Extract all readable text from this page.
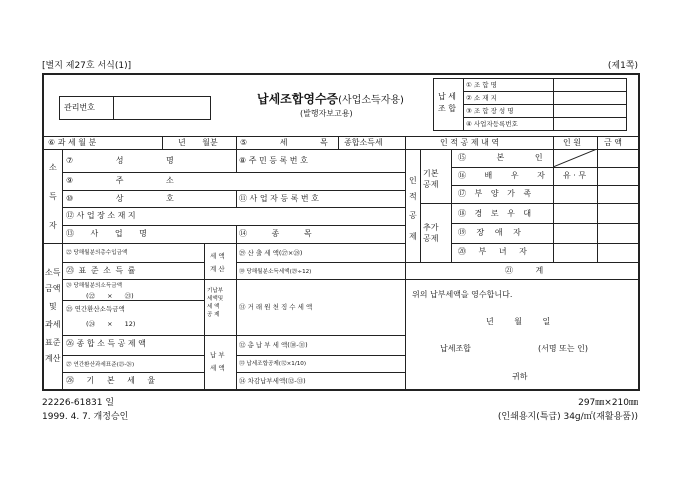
[별지 제27호 서식(1)]	(제1쪽)
관리번호
납세조합영수증(사업소득자용)
(발행자보고용)
납 세
조 합
① 조 합 명
② 소 재 지
③ 조 합 장 성 명
④ 사업자등록번호
⑥ 과 세 월 분	년 월분	⑤ 세 목 종합소득세	인 적 공 제 내 역	인 원	금 액
소
득
자
⑦ 성 명	⑧ 주 민 등 록 번 호
⑨ 주 소
⑩ 상 호	⑪ 사 업 자 등 록 번 호
⑫ 사 업 장 소 재 지
⑬ 사 업 명	⑭ 종 목
인
적
공
제
기본
공제
추가
공제
⑮ 본 인
⑯ 배 우 자 유 · 무
⑰ 부 양 가 족
⑱ 경 로 우 대
⑲ 장 애 자
⑳ 부 녀 자
㉑ 계
소득
금액
및
과세
표준
계산
㉒ 당해월분의총수입금액
㉓ 표 준 소 득 률
㉔ 당해월분의소득금액
(㉒ × ㉓)
㉕ 연간환산소득금액
(㉔ × 12)
㉖ 종 합 소 득 공 제 액
㉗ 연간환산과세표준(㉕-㉖)
㉘ 기 본 세 율
세 액
계 산
기납부
세액및
세 액
공 제
납 부
세 액
㉙ 산 출 세 액(㉗×㉘)
㉚ 당해월분소득세액(㉙÷12)
㉛ 거 래 원 천 징 수 세 액
㉜ 총 납 부 세 액(㉚-㉛)
㉝ 납세조합공제(㉜×1/10)
㉞ 차감납부세액(㉜-㉝)
위의 납부세액을 영수합니다.
년 월 일
납세조합	(서명 또는 인)
귀하
22226-61831 일
1999. 4. 7. 개정승인
297㎜×210㎜
(인쇄용지(특급) 34g/㎡(재활용품))
